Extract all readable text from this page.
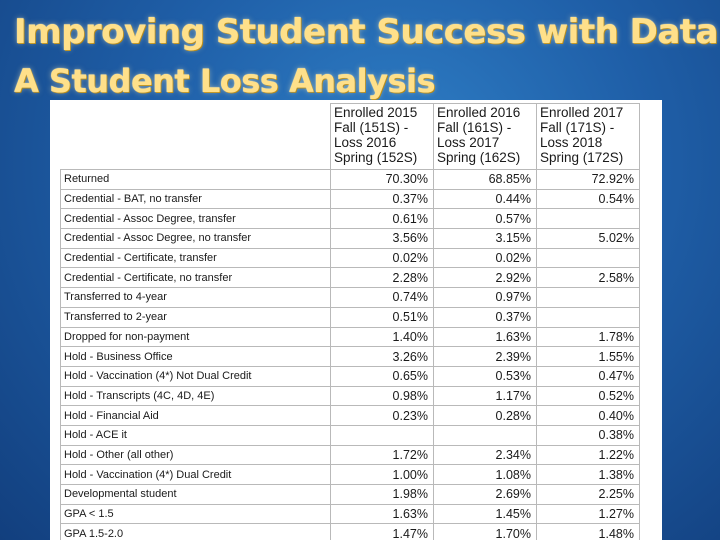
Improving Student Success with Data
A Student Loss Analysis
	Enrolled 2015 Fall (151S) - Loss 2016 Spring (152S)	Enrolled 2016 Fall (161S) - Loss 2017 Spring (162S)	Enrolled 2017 Fall (171S) - Loss 2018 Spring (172S)
Returned	70.30%	68.85%	72.92%
Credential - BAT, no transfer	0.37%	0.44%	0.54%
Credential - Assoc Degree, transfer	0.61%	0.57%	
Credential - Assoc Degree, no transfer	3.56%	3.15%	5.02%
Credential - Certificate, transfer	0.02%	0.02%	
Credential - Certificate, no transfer	2.28%	2.92%	2.58%
Transferred to 4-year	0.74%	0.97%	
Transferred to 2-year	0.51%	0.37%	
Dropped for non-payment	1.40%	1.63%	1.78%
Hold - Business Office	3.26%	2.39%	1.55%
Hold - Vaccination (4*) Not Dual Credit	0.65%	0.53%	0.47%
Hold - Transcripts (4C, 4D, 4E)	0.98%	1.17%	0.52%
Hold - Financial Aid	0.23%	0.28%	0.40%
Hold - ACE it			0.38%
Hold - Other (all other)	1.72%	2.34%	1.22%
Hold - Vaccination (4*) Dual Credit	1.00%	1.08%	1.38%
Developmental student	1.98%	2.69%	2.25%
GPA < 1.5	1.63%	1.45%	1.27%
GPA 1.5-2.0	1.47%	1.70%	1.48%
